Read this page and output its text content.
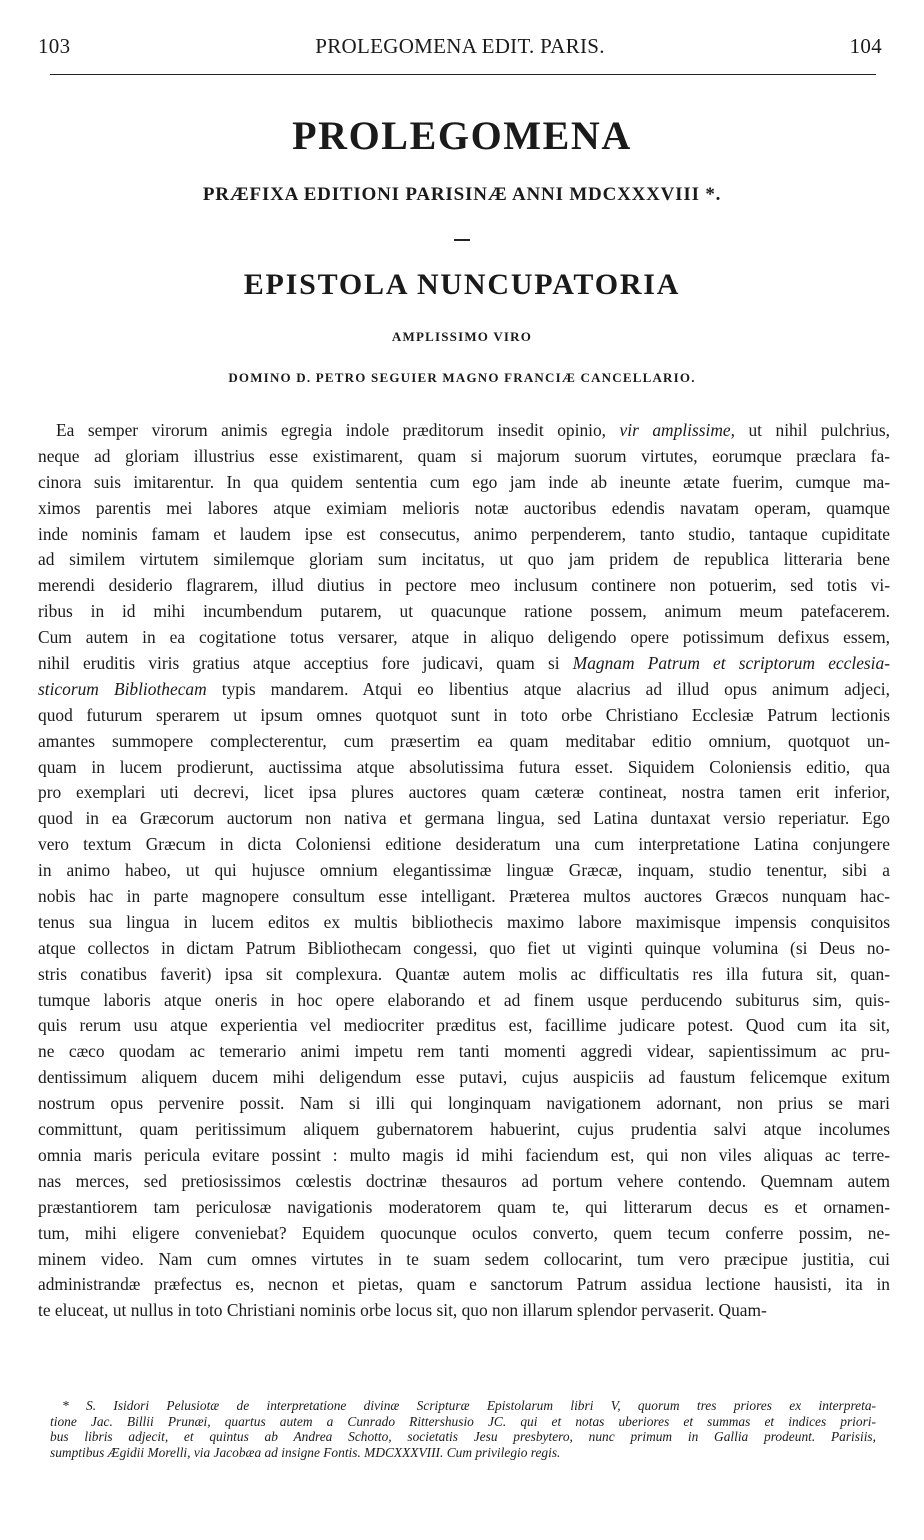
103	PROLEGOMENA EDIT. PARIS.	104
PROLEGOMENA
PRÆFIXA EDITIONI PARISINÆ ANNI MDCXXXVIII *.
EPISTOLA NUNCUPATORIA
AMPLISSIMO VIRO
DOMINO D. PETRO SEGUIER MAGNO FRANCIÆ CANCELLARIO.
Ea semper virorum animis egregia indole præditorum insedit opinio, vir amplissime, ut nihil pulchrius,
neque ad gloriam illustrius esse existimarent, quam si majorum suorum virtutes, eorumque præclara fa-
cinora suis imitarentur. In qua quidem sententia cum ego jam inde ab ineunte ætate fuerim, cumque ma-
ximos parentis mei labores atque eximiam melioris notæ auctoribus edendis navatam operam, quamque
inde nominis famam et laudem ipse est consecutus, animo perpenderem, tanto studio, tantaque cupiditate
ad similem virtutem similemque gloriam sum incitatus, ut quo jam pridem de republica litteraria bene
merendi desiderio flagrarem, illud diutius in pectore meo inclusum continere non potuerim, sed totis vi-
ribus in id mihi incumbendum putarem, ut quacunque ratione possem, animum meum patefacerem.
Cum autem in ea cogitatione totus versarer, atque in aliquo deligendo opere potissimum defixus essem,
nihil eruditis viris gratius atque acceptius fore judicavi, quam si Magnam Patrum et scriptorum ecclesia-
sticorum Bibliothecam typis mandarem. Atqui eo libentius atque alacrius ad illud opus animum adjeci,
quod futurum sperarem ut ipsum omnes quotquot sunt in toto orbe Christiano Ecclesiæ Patrum lectionis
amantes summopere complecterentur, cum præsertim ea quam meditabar editio omnium, quotquot un-
quam in lucem prodierunt, auctissima atque absolutissima futura esset. Siquidem Coloniensis editio, qua
pro exemplari uti decrevi, licet ipsa plures auctores quam cæteræ contineat, nostra tamen erit inferior,
quod in ea Græcorum auctorum non nativa et germana lingua, sed Latina duntaxat versio reperiatur. Ego
vero textum Græcum in dicta Coloniensi editione desideratum una cum interpretatione Latina conjungere
in animo habeo, ut qui hujusce omnium elegantissimæ linguæ Græcæ, inquam, studio tenentur, sibi a
nobis hac in parte magnopere consultum esse intelligant. Præterea multos auctores Græcos nunquam hac-
tenus sua lingua in lucem editos ex multis bibliothecis maximo labore maximisque impensis conquisitos
atque collectos in dictam Patrum Bibliothecam congessi, quo fiet ut viginti quinque volumina (si Deus no-
stris conatibus faverit) ipsa sit complexura. Quantæ autem molis ac difficultatis res illa futura sit, quan-
tumque laboris atque oneris in hoc opere elaborando et ad finem usque perducendo subiturus sim, quis-
quis rerum usu atque experientia vel mediocriter præditus est, facillime judicare potest. Quod cum ita sit,
ne cæco quodam ac temerario animi impetu rem tanti momenti aggredi videar, sapientissimum ac pru-
dentissimum aliquem ducem mihi deligendum esse putavi, cujus auspiciis ad faustum felicemque exitum
nostrum opus pervenire possit. Nam si illi qui longinquam navigationem adornant, non prius se mari
committunt, quam peritissimum aliquem gubernatorem habuerint, cujus prudentia salvi atque incolumes
omnia maris pericula evitare possint : multo magis id mihi faciendum est, qui non viles aliquas ac terre-
nas merces, sed pretiosissimos cœlestis doctrinæ thesauros ad portum vehere contendo. Quemnam autem
præstantiorem tam periculosæ navigationis moderatorem quam te, qui litterarum decus es et ornamen-
tum, mihi eligere conveniebat? Equidem quocunque oculos converto, quem tecum conferre possim, ne-
minem video. Nam cum omnes virtutes in te suam sedem collocarint, tum vero præcipue justitia, cui
administrandæ præfectus es, necnon et pietas, quam e sanctorum Patrum assidua lectione hausisti, ita in
te eluceat, ut nullus in toto Christiani nominis orbe locus sit, quo non illarum splendor pervaserit. Quam-
* S. Isidori Pelusiotæ de interpretatione divinæ Scripturæ Epistolarum libri V, quorum tres priores ex interpreta-
tione Jac. Billii Prunæi, quartus autem a Cunrado Rittershusio JC. qui et notas uberiores et summas et indices priori-
bus libris adjecit, et quintus ab Andrea Schotto, societatis Jesu presbytero, nunc primum in Gallia prodeunt. Parisiis,
sumptibus Ægidii Morelli, via Jacobæa ad insigne Fontis. MDCXXXVIII. Cum privilegio regis.
